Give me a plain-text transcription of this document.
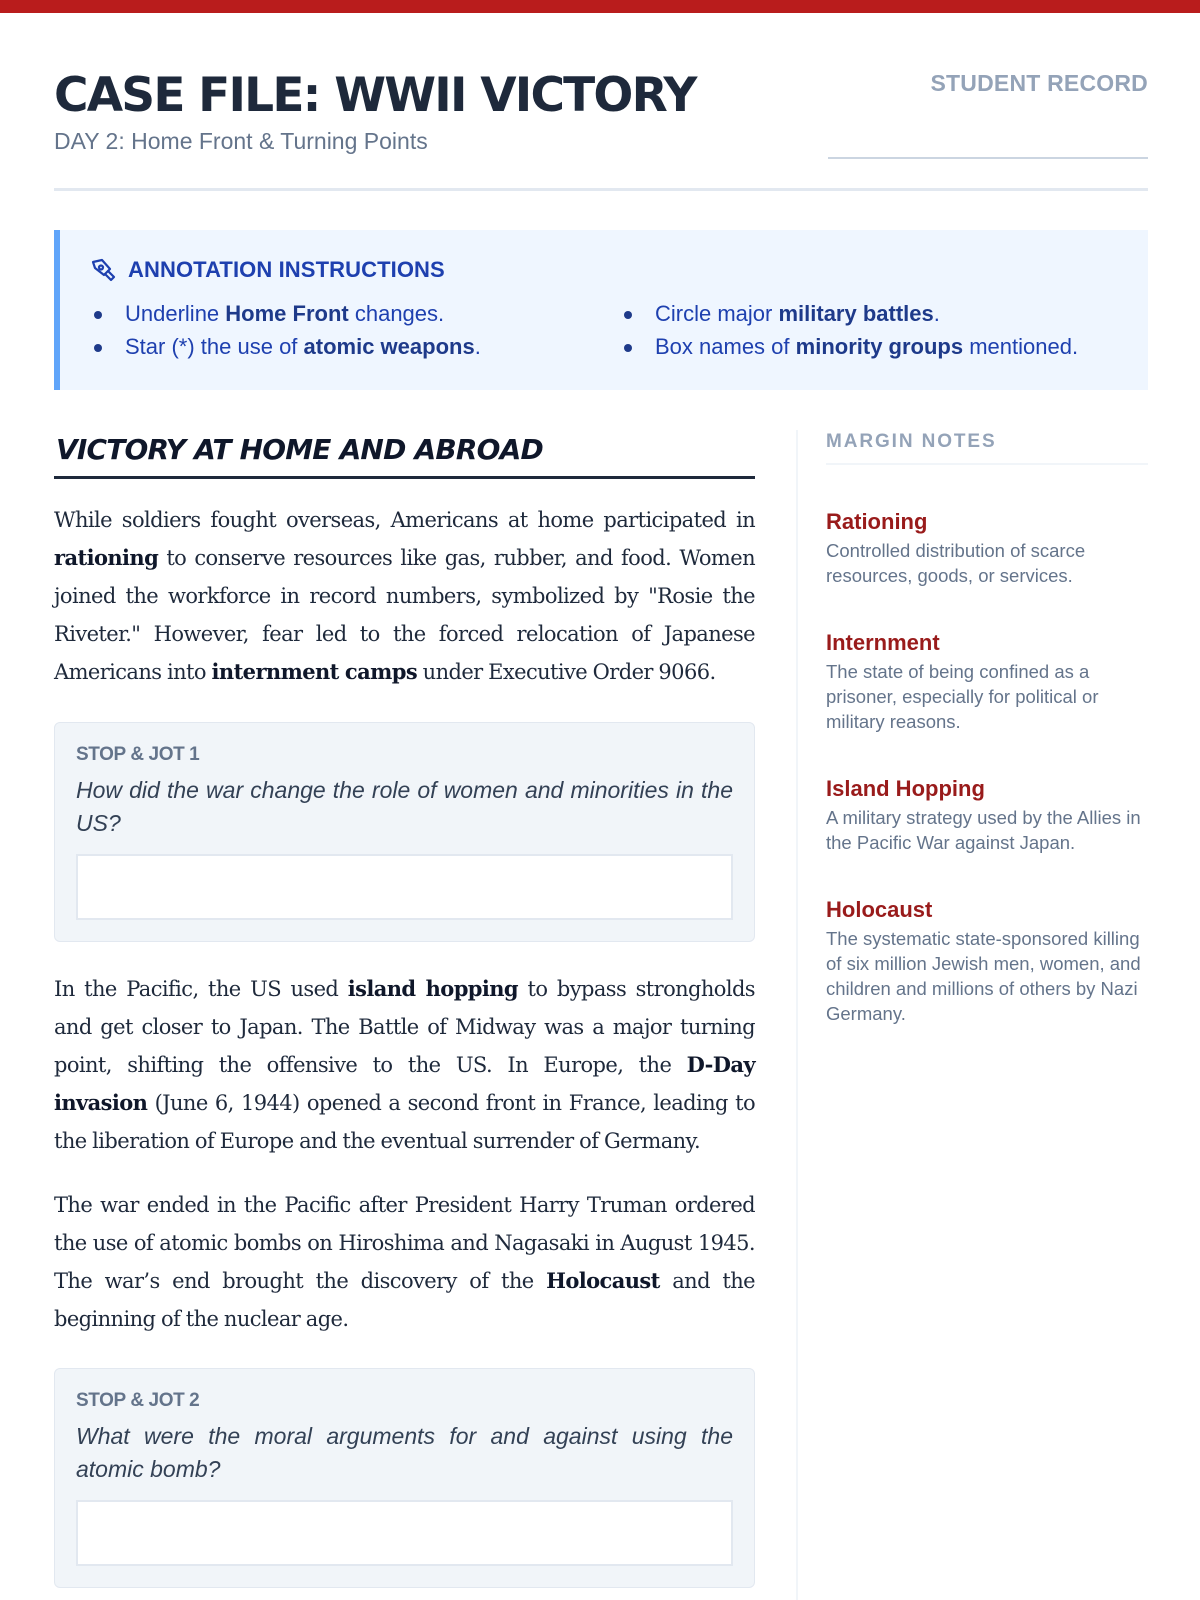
CASE FILE: WWII VICTORY
DAY 2: Home Front & Turning Points
STUDENT RECORD
ANNOTATION INSTRUCTIONS
Underline Home Front changes.
Star (*) the use of atomic weapons.
Circle major military battles.
Box names of minority groups mentioned.
VICTORY AT HOME AND ABROAD

While soldiers fought overseas, Americans at home participated in rationing to conserve resources like gas, rubber, and food. Women joined the workforce in record numbers, symbolized by "Rosie the Riveter." However, fear led to the forced relocation of Japanese Americans into internment camps under Executive Order 9066.

STOP & JOT 1
How did the war change the role of women and minorities in the US?

In the Pacific, the US used island hopping to bypass strongholds and get closer to Japan. The Battle of Midway was a major turning point, shifting the offensive to the US. In Europe, the D-Day invasion (June 6, 1944) opened a second front in France, leading to the liberation of Europe and the eventual surrender of Germany.

The war ended in the Pacific after President Harry Truman ordered the use of atomic bombs on Hiroshima and Nagasaki in August 1945. The war’s end brought the discovery of the Holocaust and the beginning of the nuclear age.

STOP & JOT 2
What were the moral arguments for and against using the atomic bomb?
MARGIN NOTES
Rationing
Controlled distribution of scarce resources, goods, or services.
Internment
The state of being confined as a prisoner, especially for political or military reasons.
Island Hopping
A military strategy used by the Allies in the Pacific War against Japan.
Holocaust
The systematic state-sponsored killing of six million Jewish men, women, and children and millions of others by Nazi Germany.
